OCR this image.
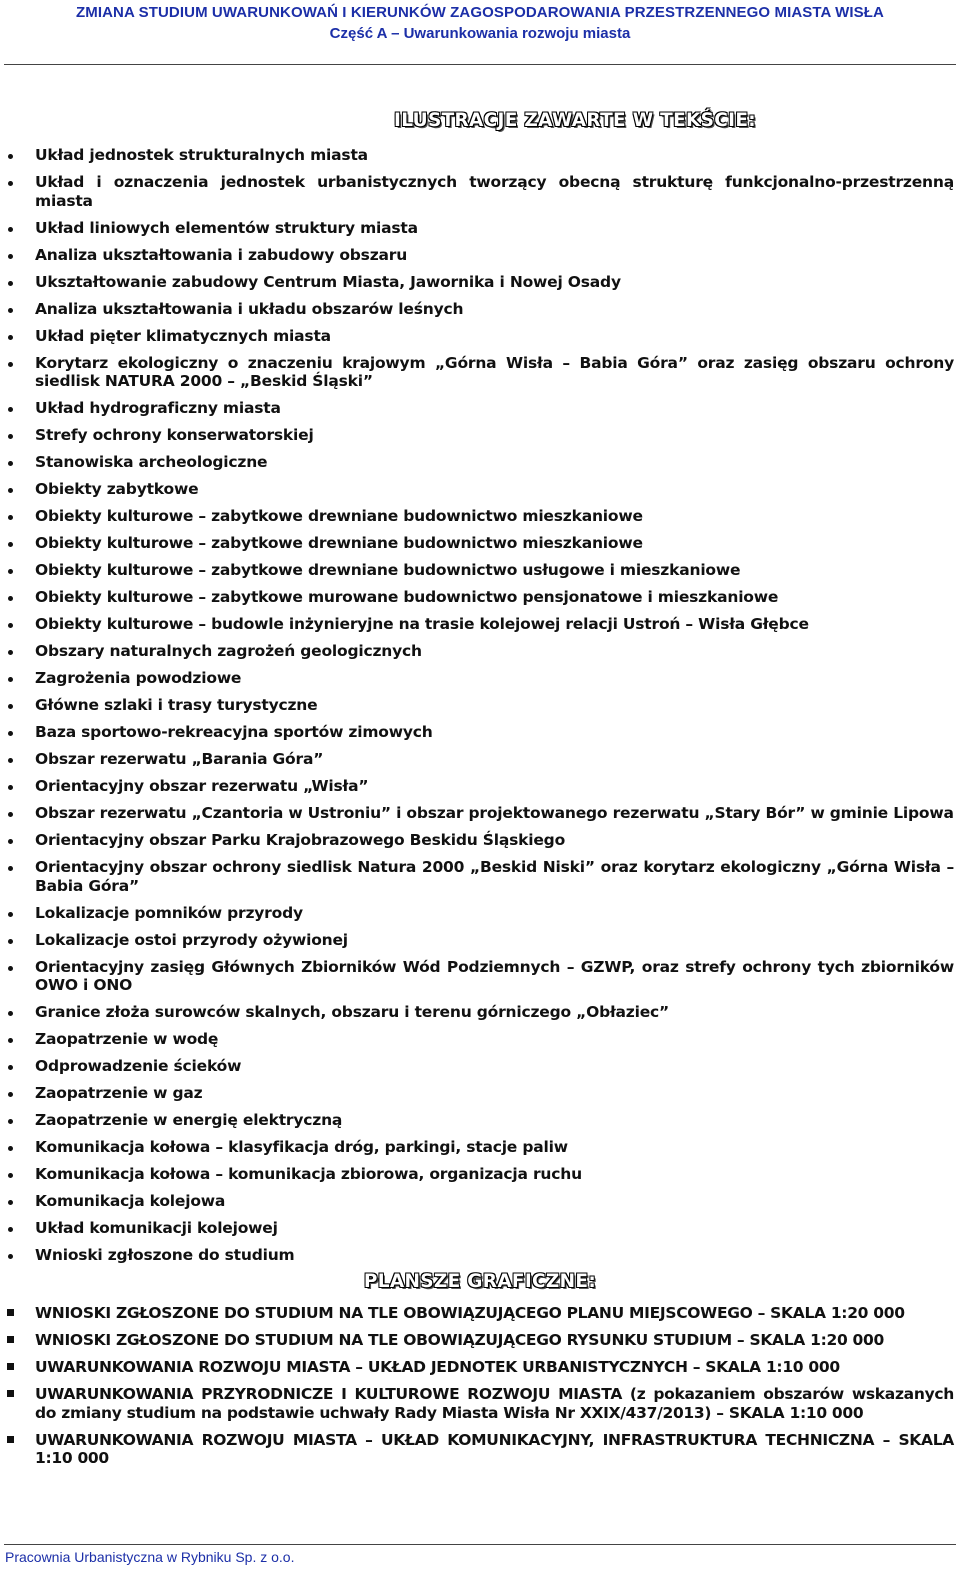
ZMIANA STUDIUM UWARUNKOWAŃ I KIERUNKÓW ZAGOSPODAROWANIA PRZESTRZENNEGO MIASTA WISŁA
Część A – Uwarunkowania rozwoju miasta
ILUSTRACJE ZAWARTE W TEKŚCIE:
Układ jednostek strukturalnych miasta
Układ i oznaczenia jednostek urbanistycznych tworzący obecną strukturę funkcjonalno-przestrzenną miasta
Układ liniowych elementów struktury miasta
Analiza ukształtowania i zabudowy obszaru
Ukształtowanie zabudowy Centrum Miasta, Jawornika i Nowej Osady
Analiza ukształtowania i układu obszarów leśnych
Układ pięter klimatycznych miasta
Korytarz ekologiczny o znaczeniu krajowym „Górna Wisła – Babia Góra” oraz zasięg obszaru ochrony siedlisk NATURA 2000 – „Beskid Śląski”
Układ hydrograficzny miasta
Strefy ochrony konserwatorskiej
Stanowiska archeologiczne
Obiekty zabytkowe
Obiekty kulturowe – zabytkowe drewniane budownictwo mieszkaniowe
Obiekty kulturowe – zabytkowe drewniane budownictwo mieszkaniowe
Obiekty kulturowe – zabytkowe drewniane budownictwo usługowe i mieszkaniowe
Obiekty kulturowe – zabytkowe murowane budownictwo pensjonatowe i mieszkaniowe
Obiekty kulturowe – budowle inżynieryjne na trasie kolejowej relacji Ustroń – Wisła Głębce
Obszary naturalnych zagrożeń geologicznych
Zagrożenia powodziowe
Główne szlaki i trasy turystyczne
Baza sportowo-rekreacyjna sportów zimowych
Obszar rezerwatu „Barania Góra”
Orientacyjny obszar rezerwatu „Wisła”
Obszar rezerwatu „Czantoria w Ustroniu” i obszar projektowanego rezerwatu „Stary Bór” w gminie Lipowa
Orientacyjny obszar Parku Krajobrazowego Beskidu Śląskiego
Orientacyjny obszar ochrony siedlisk Natura 2000 „Beskid Niski” oraz korytarz ekologiczny „Górna Wisła – Babia Góra”
Lokalizacje pomników przyrody
Lokalizacje ostoi przyrody ożywionej
Orientacyjny zasięg Głównych Zbiorników Wód Podziemnych – GZWP, oraz strefy ochrony tych zbiorników OWO i ONO
Granice złoża surowców skalnych, obszaru i terenu górniczego „Obłaziec”
Zaopatrzenie w wodę
Odprowadzenie ścieków
Zaopatrzenie w gaz
Zaopatrzenie w energię elektryczną
Komunikacja kołowa – klasyfikacja dróg, parkingi, stacje paliw
Komunikacja kołowa – komunikacja zbiorowa, organizacja ruchu
Komunikacja kolejowa
Układ komunikacji kolejowej
Wnioski zgłoszone do studium
PLANSZE GRAFICZNE:
WNIOSKI ZGŁOSZONE DO STUDIUM NA TLE OBOWIĄZUJĄCEGO PLANU MIEJSCOWEGO – SKALA 1:20 000
WNIOSKI ZGŁOSZONE DO STUDIUM NA TLE OBOWIĄZUJĄCEGO RYSUNKU STUDIUM – SKALA 1:20 000
UWARUNKOWANIA ROZWOJU MIASTA – UKŁAD JEDNOTEK URBANISTYCZNYCH – SKALA 1:10 000
UWARUNKOWANIA PRZYRODNICZE I KULTUROWE ROZWOJU MIASTA (z pokazaniem obszarów wskazanych do zmiany studium na podstawie uchwały Rady Miasta Wisła Nr XXIX/437/2013) – SKALA 1:10 000
UWARUNKOWANIA ROZWOJU MIASTA – UKŁAD KOMUNIKACYJNY, INFRASTRUKTURA TECHNICZNA – SKALA 1:10 000
Pracownia Urbanistyczna w Rybniku Sp. z o.o.
